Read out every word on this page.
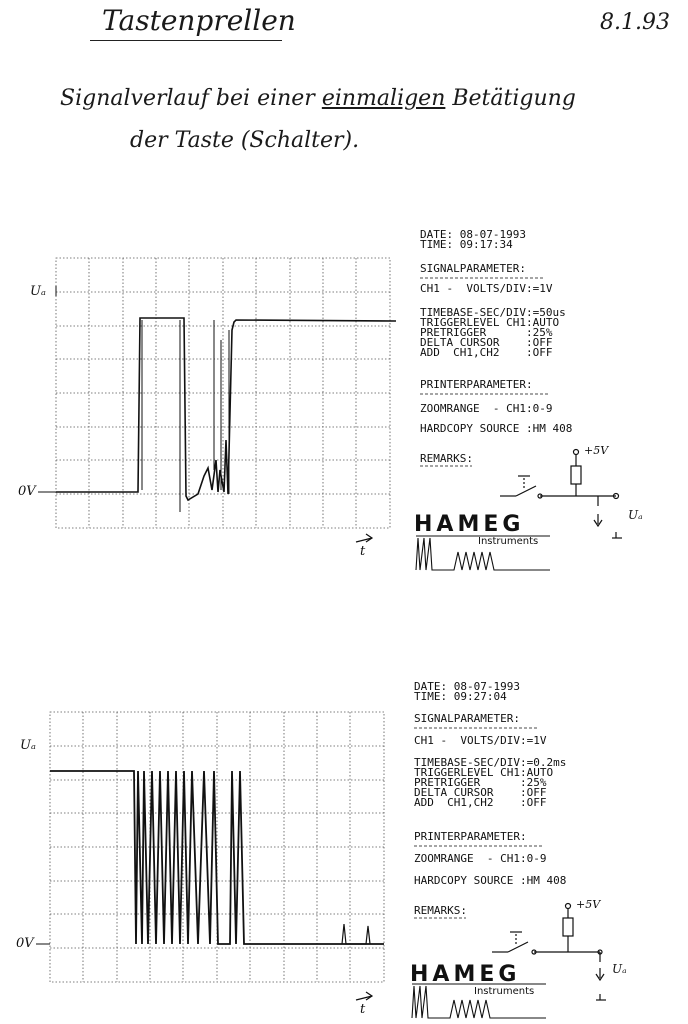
Tastenprellen	8.1.93
Signalverlauf bei einer einmaligen Betätigung
der Taste (Schalter).
Uₐ
0V
t
DATE: 08-07-1993
TIME: 09:17:34
SIGNALPARAMETER:
CH1 -  VOLTS/DIV:=1V
TIMEBASE-SEC/DIV:=50us
TRIGGERLEVEL CH1:AUTO
PRETRIGGER      :25%
DELTA CURSOR    :OFF
ADD  CH1,CH2    :OFF
PRINTERPARAMETER:
ZOOMRANGE  - CH1:0-9
HARDCOPY SOURCE :HM 408
REMARKS:
+5V
Uₐ
HAMEG
Instruments
Uₐ
0V
t
DATE: 08-07-1993
TIME: 09:27:04
SIGNALPARAMETER:
CH1 -  VOLTS/DIV:=1V
TIMEBASE-SEC/DIV:=0.2ms
TRIGGERLEVEL CH1:AUTO
PRETRIGGER      :25%
DELTA CURSOR    :OFF
ADD  CH1,CH2    :OFF
PRINTERPARAMETER:
ZOOMRANGE  - CH1:0-9
HARDCOPY SOURCE :HM 408
REMARKS:	+5V
Uₐ
HAMEG
Instruments
